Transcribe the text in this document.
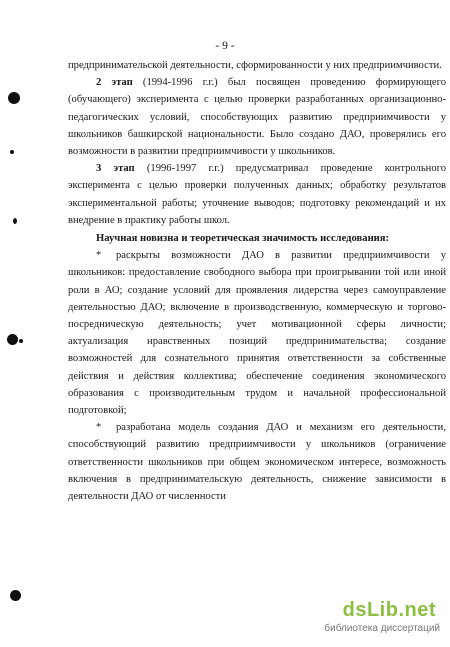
- 9 -

предпринимательской деятельности, сформированности у них предприимчивости.

2 этап (1994-1996 г.г.) был посвящен проведению формирующего (обучающего) эксперимента с целью проверки разработанных организационно-педагогических условий, способствующих развитию предприимчивости у школьников башкирской национальности. Было создано ДАО, проверялись его возможности в развитии предприимчивости у школьников.

3 этап (1996-1997 г.г.) предусматривал проведение контрольного эксперимента с целью проверки полученных данных; обработку результатов экспериментальной работы; уточнение выводов; подготовку рекомендаций и их внедрение в практику работы школ.

Научная новизна и теоретическая значимость исследования:

* раскрыты возможности ДАО в развитии предприимчивости у школьников: предоставление свободного выбора при проигрывании той или иной роли в АО; создание условий для проявления лидерства через самоуправление деятельностью ДАО; включение в производственную, коммерческую и торгово-посредническую деятельность; учет мотивационной сферы личности; актуализация нравственных позиций предпринимательства; создание возможностей для сознательного принятия ответственности за собственные действия и действия коллектива; обеспечение соединения экономического образования с производительным трудом и начальной профессиональной подготовкой;

* разработана модель создания ДАО и механизм его деятельности, способствующий развитию предприимчивости у школьников (ограничение ответственности школьников при общем экономическом интересе, возможность включения в предпринимательскую деятельность, снижение зависимости в деятельности ДАО от численности

dsLib.net
библиотека диссертаций
